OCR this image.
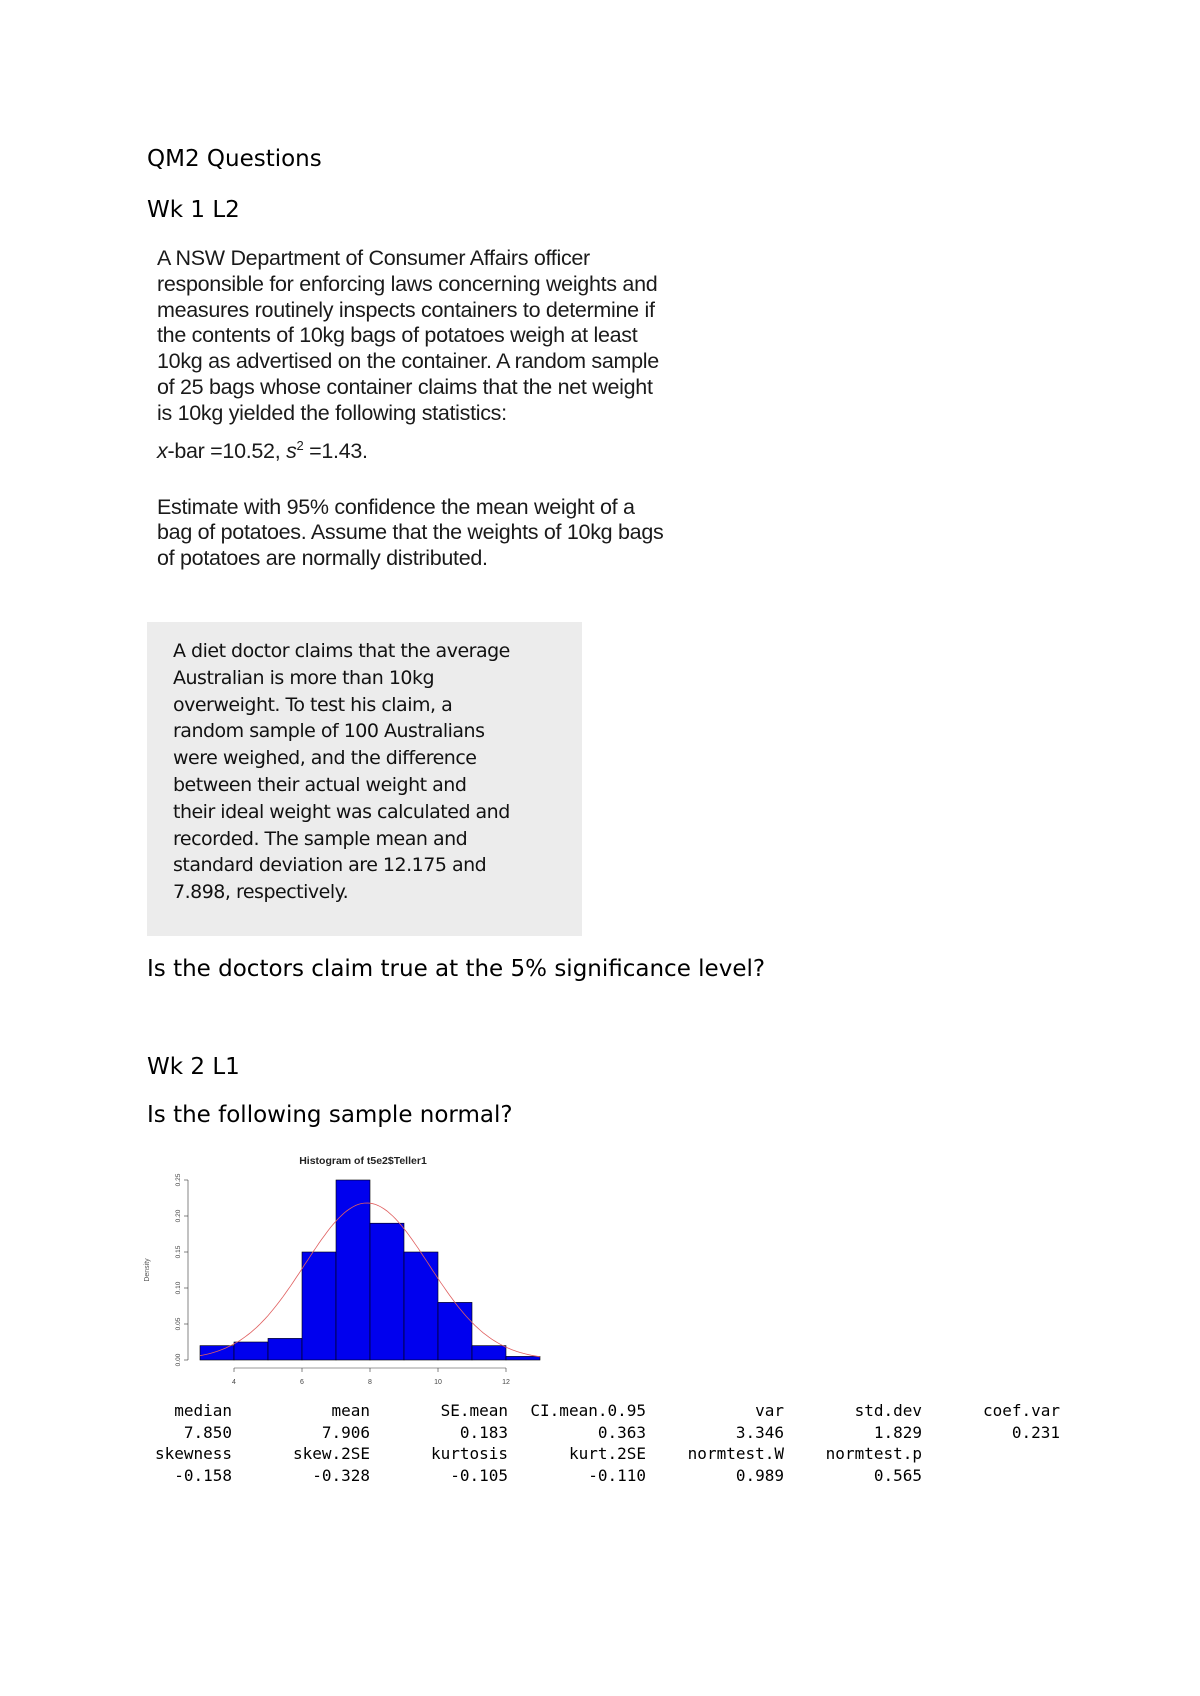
QM2 Questions
Wk 1 L2

A NSW Department of Consumer Affairs officer

responsible for enforcing laws concerning weights and

measures routinely inspects containers to determine if

the contents of 10kg bags of potatoes weigh at least

10kg as advertised on the container. A random sample

of 25 bags whose container claims that the net weight

is 10kg yielded the following statistics:

x-bar =10.52, $s^2 =1.43$.

Estimate with 95% confidence the mean weight of a

bag of potatoes. Assume that the weights of 10kg bags

of potatoes are normally distributed.

A diet doctor claims that the average
Australian is more than 10kg
overweight. To test his claim, a
random sample of 100 Australians
were weighed, and the difference
between their actual weight and
their ideal weight was calculated and
recorded. The sample mean and
standard deviation are 12.175 and
7.898, respectively.
Is the doctors claim true at the 5% significance level?
Wk 2 L1
Is the following sample normal?
Histogram of t5e2$Teller1
Density
4	6	8	10	12
0.00
0.05
0.10
0.15
0.20
0.25
median	mean	SE.mean	CI.mean.0.95	var	std.dev	coef.var
7.850	7.906	0.183	0.363	3.346	1.829	0.231
skewness	skew.2SE	kurtosis	kurt.2SE	normtest.W	normtest.p
-0.158	-0.328	-0.105	-0.110	0.989	0.565
